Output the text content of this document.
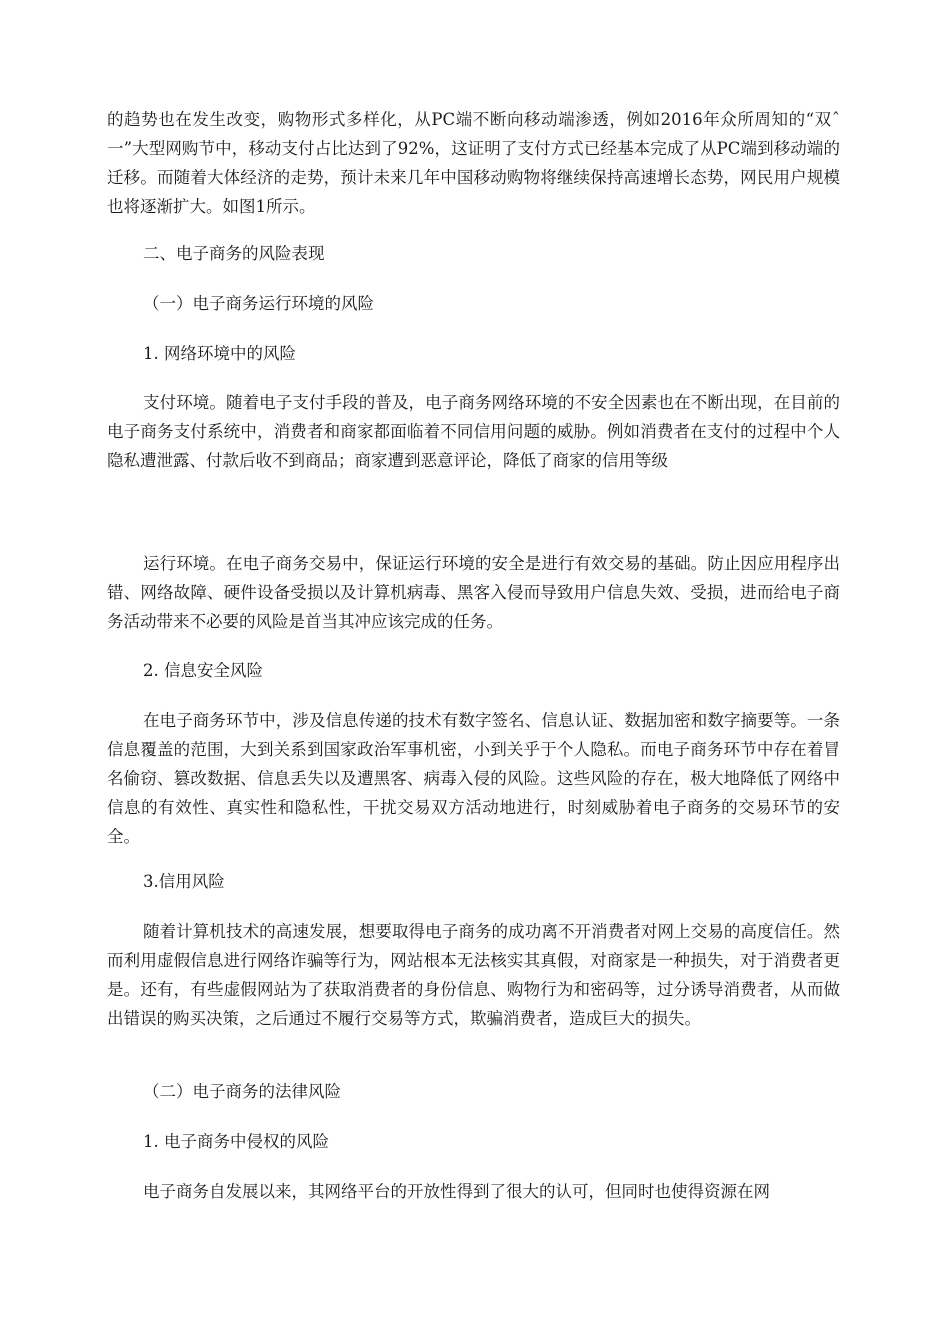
的趋势也在发生改变，购物形式多样化，从PC端不断向移动端渗透，例如2016年众所周知的“双ˆ一”大型网购节中，移动支付占比达到了92%，这证明了支付方式已经基本完成了从PC端到移动端的迁移。而随着大体经济的走势，预计未来几年中国移动购物将继续保持高速增长态势，网民用户规模也将逐渐扩大。如图1所示。

二、电子商务的风险表现

（一）电子商务运行环境的风险

1. 网络环境中的风险

支付环境。随着电子支付手段的普及，电子商务网络环境的不安全因素也在不断出现，在目前的电子商务支付系统中，消费者和商家都面临着不同信用问题的威胁。例如消费者在支付的过程中个人隐私遭泄露、付款后收不到商品；商家遭到恶意评论，降低了商家的信用等级

运行环境。在电子商务交易中，保证运行环境的安全是进行有效交易的基础。防止因应用程序出错、网络故障、硬件设备受损以及计算机病毒、黑客入侵而导致用户信息失效、受损，进而给电子商务活动带来不必要的风险是首当其冲应该完成的任务。

2. 信息安全风险

在电子商务环节中，涉及信息传递的技术有数字签名、信息认证、数据加密和数字摘要等。一条信息覆盖的范围，大到关系到国家政治军事机密，小到关乎于个人隐私。而电子商务环节中存在着冒名偷窃、篡改数据、信息丢失以及遭黑客、病毒入侵的风险。这些风险的存在，极大地降低了网络中信息的有效性、真实性和隐私性，干扰交易双方活动地进行，时刻威胁着电子商务的交易环节的安全。

3.信用风险

随着计算机技术的高速发展，想要取得电子商务的成功离不开消费者对网上交易的高度信任。然而利用虚假信息进行网络诈骗等行为，网站根本无法核实其真假，对商家是一种损失，对于消费者更是。还有，有些虚假网站为了获取消费者的身份信息、购物行为和密码等，过分诱导消费者，从而做出错误的购买决策，之后通过不履行交易等方式，欺骗消费者，造成巨大的损失。

（二）电子商务的法律风险

1. 电子商务中侵权的风险

电子商务自发展以来，其网络平台的开放性得到了很大的认可，但同时也使得资源在网
